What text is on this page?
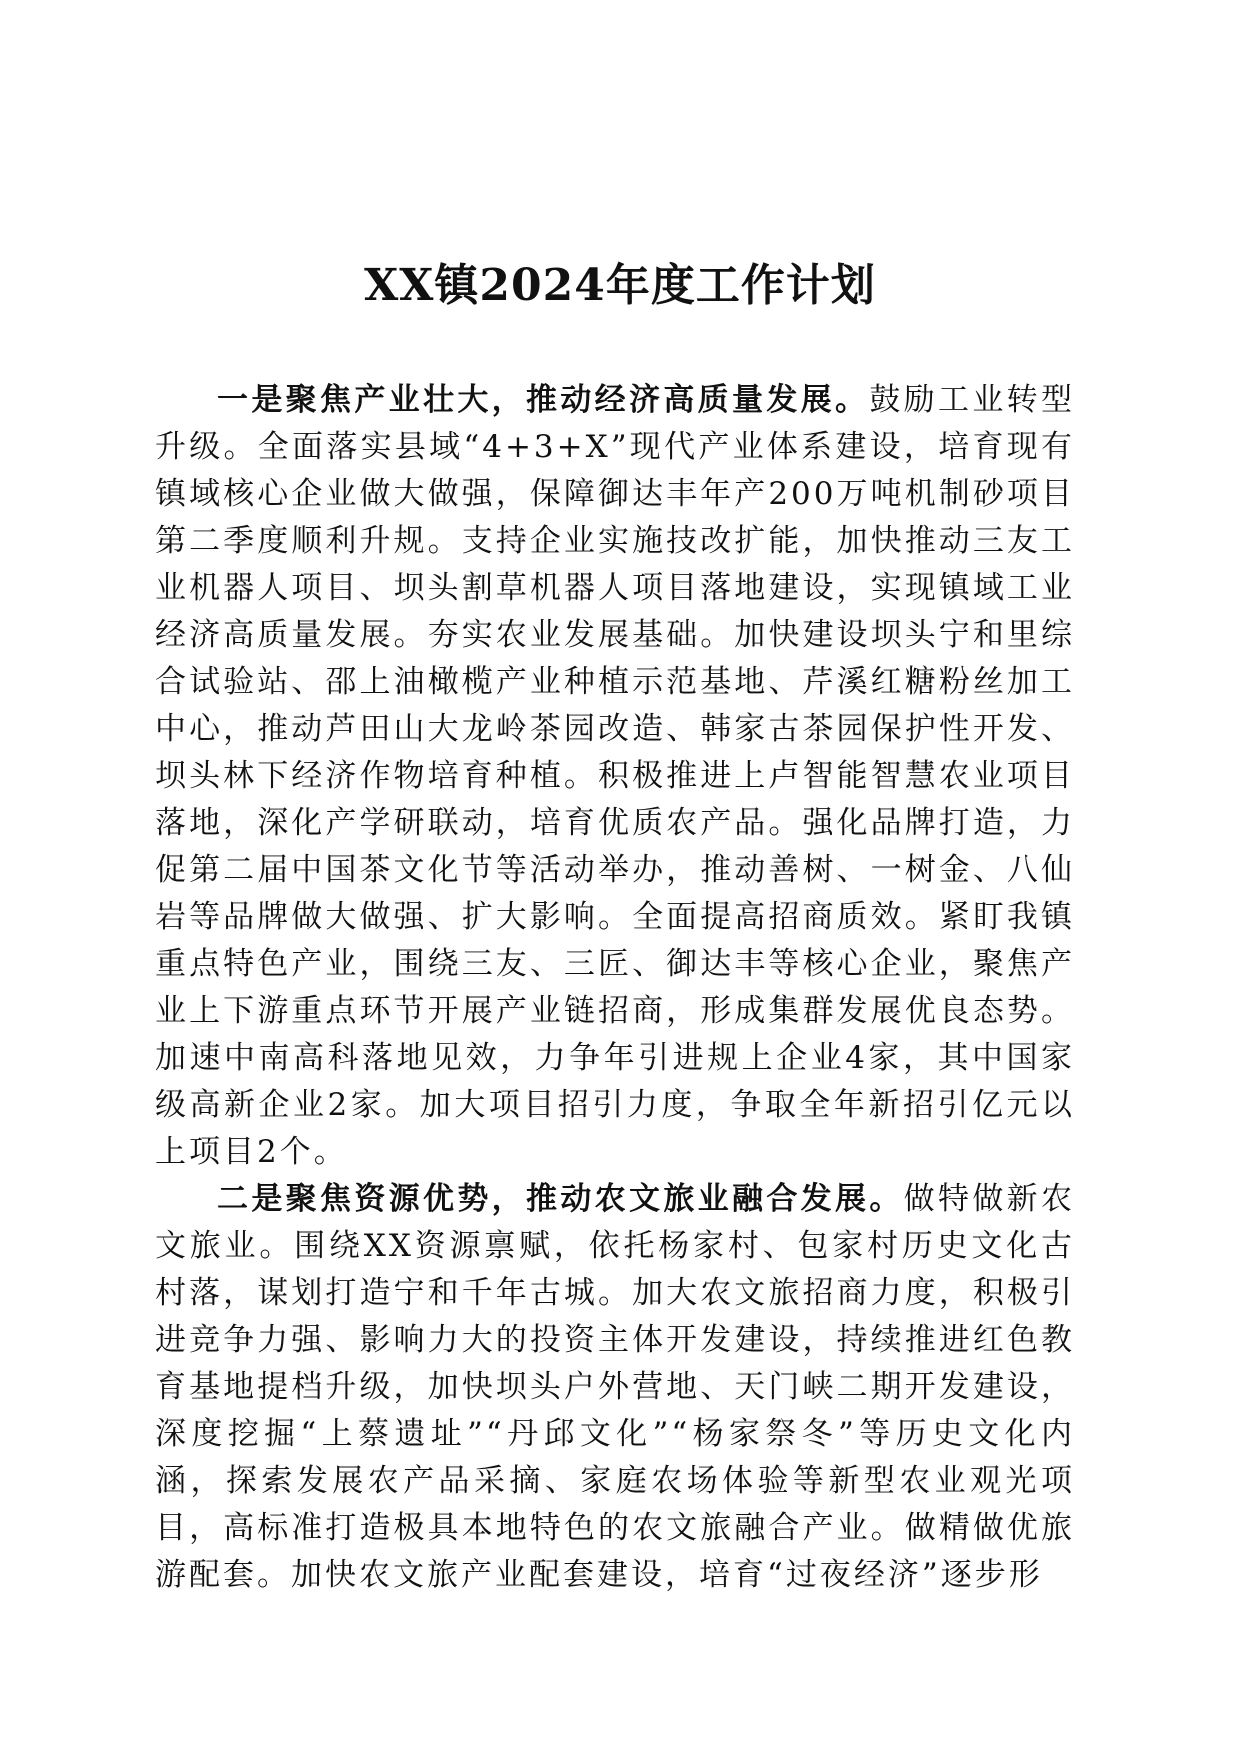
XX镇2024年度工作计划

一是聚焦产业壮大，推动经济高质量发展。鼓励工业转型升级。全面落实县域“4+3+X”现代产业体系建设，培育现有镇域核心企业做大做强，保障御达丰年产200万吨机制砂项目第二季度顺利升规。支持企业实施技改扩能，加快推动三友工业机器人项目、坝头割草机器人项目落地建设，实现镇域工业经济高质量发展。夯实农业发展基础。加快建设坝头宁和里综合试验站、邵上油橄榄产业种植示范基地、芹溪红糖粉丝加工中心，推动芦田山大龙岭茶园改造、韩家古茶园保护性开发、坝头林下经济作物培育种植。积极推进上卢智能智慧农业项目落地，深化产学研联动，培育优质农产品。强化品牌打造，力促第二届中国茶文化节等活动举办，推动善树、一树金、八仙岩等品牌做大做强、扩大影响。全面提高招商质效。紧盯我镇重点特色产业，围绕三友、三匠、御达丰等核心企业，聚焦产业上下游重点环节开展产业链招商，形成集群发展优良态势。加速中南高科落地见效，力争年引进规上企业4家，其中国家级高新企业2家。加大项目招引力度，争取全年新招引亿元以上项目2个。

二是聚焦资源优势，推动农文旅业融合发展。做特做新农文旅业。围绕XX资源禀赋，依托杨家村、包家村历史文化古村落，谋划打造宁和千年古城。加大农文旅招商力度，积极引进竞争力强、影响力大的投资主体开发建设，持续推进红色教育基地提档升级，加快坝头户外营地、天门峡二期开发建设，深度挖掘“上蔡遗址”“丹邱文化”“杨家祭冬”等历史文化内涵，探索发展农产品采摘、家庭农场体验等新型农业观光项目，高标准打造极具本地特色的农文旅融合产业。做精做优旅游配套。加快农文旅产业配套建设，培育“过夜经济”逐步形
